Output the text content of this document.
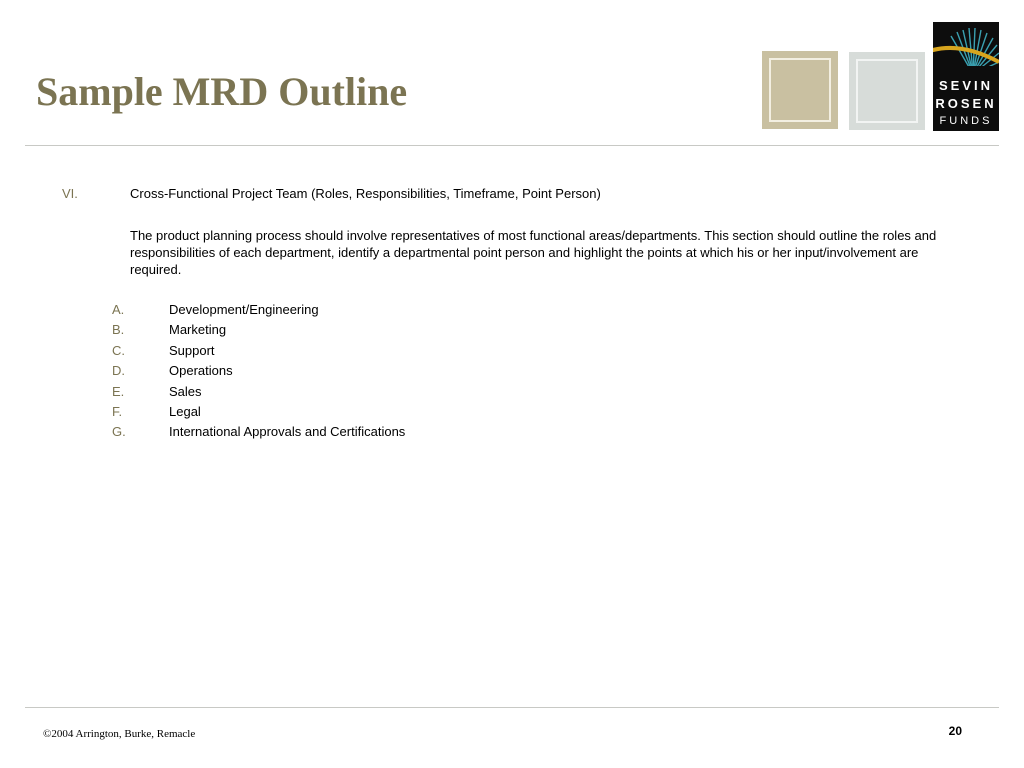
Sample MRD Outline	SEVIN
ROSEN
FUNDS
VI.	Cross-Functional Project Team (Roles, Responsibilities, Timeframe, Point Person)
The product planning process should involve representatives of most functional areas/departments. This section should outline the roles and responsibilities of each department, identify a departmental point person and highlight the points at which his or her input/involvement are required.
A.	Development/Engineering
B.	Marketing
C.	Support
D.	Operations
E.	Sales
F.	Legal
G.	International Approvals and Certifications
©2004 Arrington, Burke, Remacle	20
